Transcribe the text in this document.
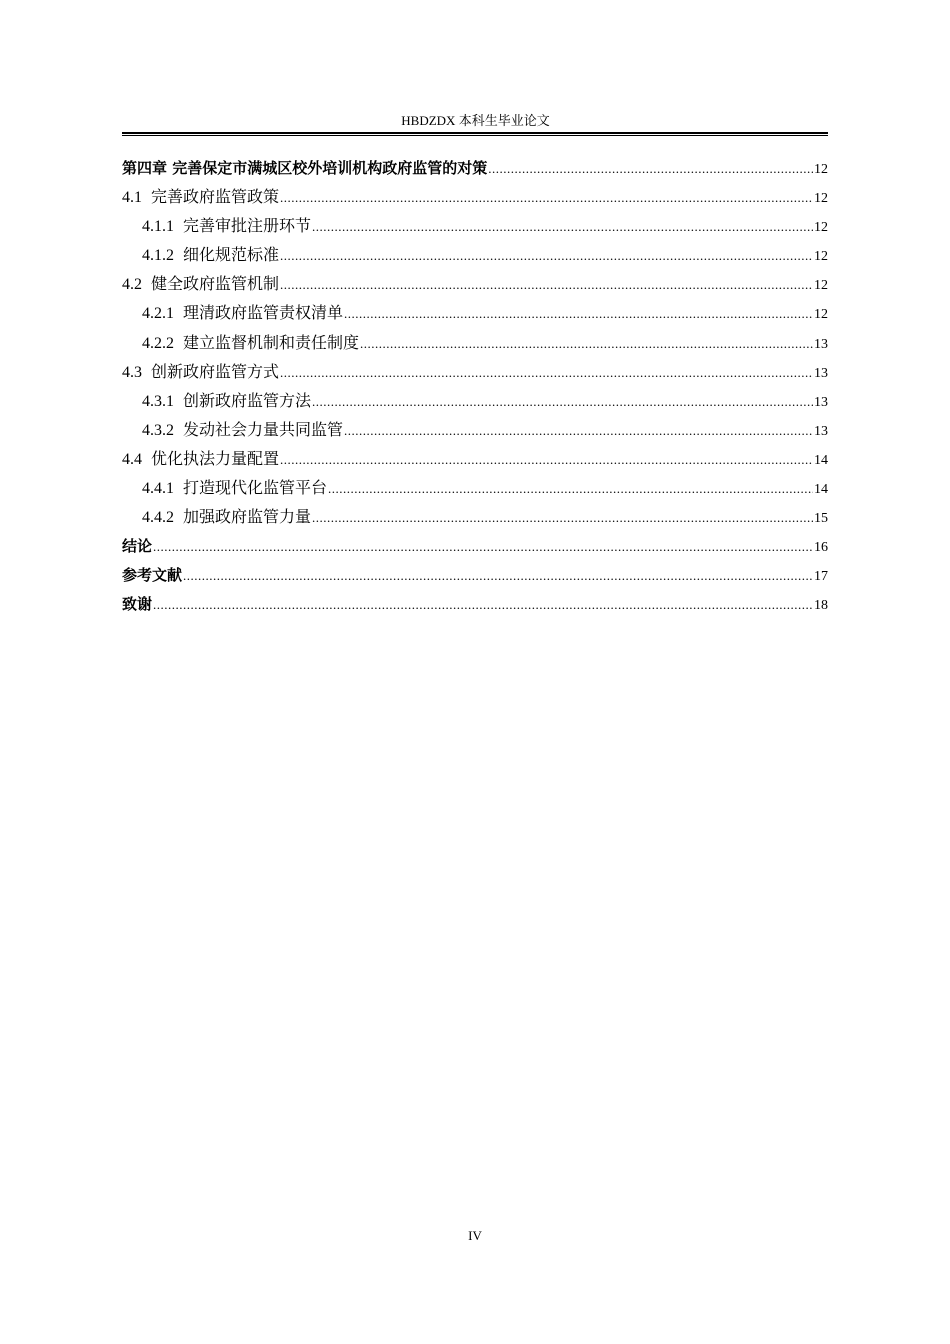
HBDZDX 本科生毕业论文
第四章 完善保定市满城区校外培训机构政府监管的对策 .....	12
4.1 完善政府监管政策 .....	12
4.1.1 完善审批注册环节 .....	12
4.1.2 细化规范标准 .....	12
4.2 健全政府监管机制 .....	12
4.2.1 理清政府监管责权清单 .....	12
4.2.2 建立监督机制和责任制度 .....	13
4.3 创新政府监管方式 .....	13
4.3.1 创新政府监管方法 .....	13
4.3.2 发动社会力量共同监管 .....	13
4.4 优化执法力量配置 .....	14
4.4.1 打造现代化监管平台 .....	14
4.4.2 加强政府监管力量 .....	15
结论 .....	16
参考文献 .....	17
致谢 .....	18
IV
